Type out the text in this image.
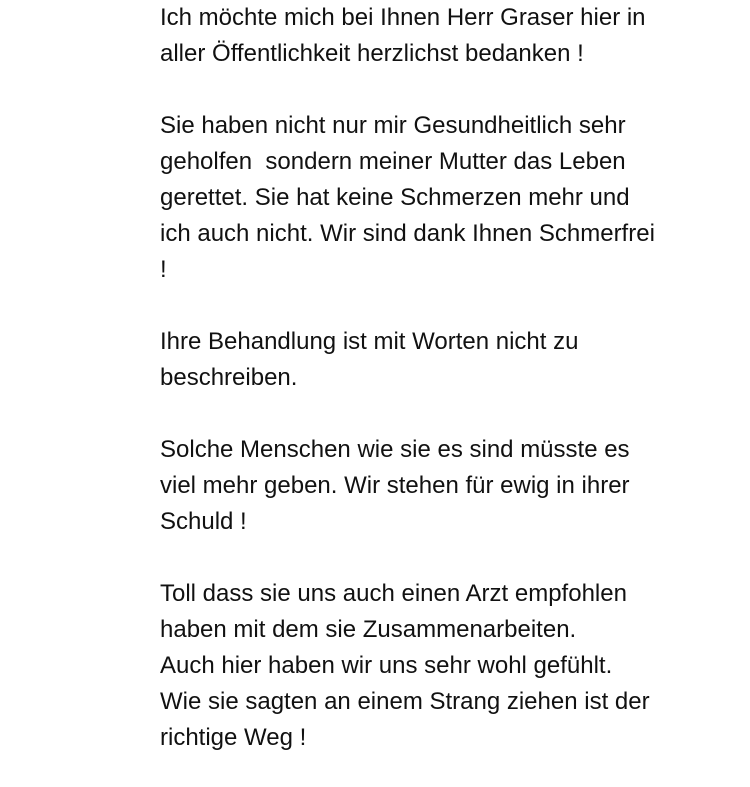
Ich möchte mich bei Ihnen Herr Graser hier in
aller Öffentlichkeit herzlichst bedanken !
Sie haben nicht nur mir Gesundheitlich sehr
geholfen  sondern meiner Mutter das Leben
gerettet. Sie hat keine Schmerzen mehr und
ich auch nicht. Wir sind dank Ihnen Schmerfrei
!
Ihre Behandlung ist mit Worten nicht zu
beschreiben.
Solche Menschen wie sie es sind müsste es
viel mehr geben. Wir stehen für ewig in ihrer
Schuld !
Toll dass sie uns auch einen Arzt empfohlen
haben mit dem sie Zusammenarbeiten.
Auch hier haben wir uns sehr wohl gefühlt.
Wie sie sagten an einem Strang ziehen ist der
richtige Weg !
